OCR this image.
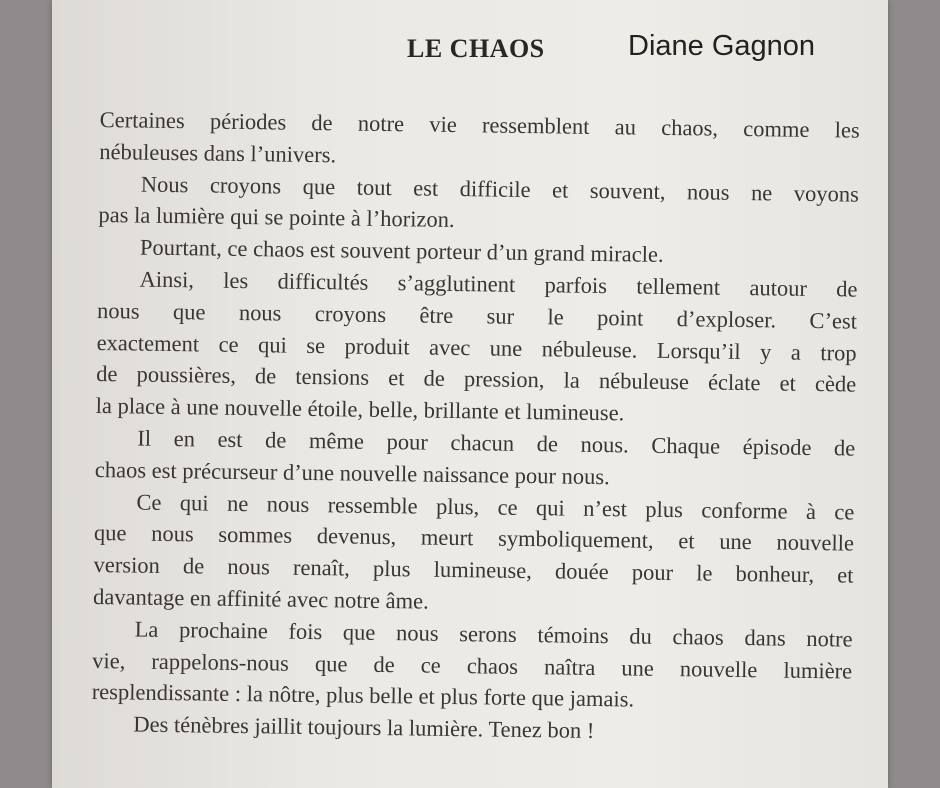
LE CHAOS	Diane Gagnon
Certaines périodes de notre vie ressemblent au chaos, comme les
nébuleuses dans l’univers.
Nous croyons que tout est difficile et souvent, nous ne voyons
pas la lumière qui se pointe à l’horizon.
Pourtant, ce chaos est souvent porteur d’un grand miracle.
Ainsi, les difficultés s’agglutinent parfois tellement autour de
nous que nous croyons être sur le point d’exploser. C’est
exactement ce qui se produit avec une nébuleuse. Lorsqu’il y a trop
de poussières, de tensions et de pression, la nébuleuse éclate et cède
la place à une nouvelle étoile, belle, brillante et lumineuse.
Il en est de même pour chacun de nous. Chaque épisode de
chaos est précurseur d’une nouvelle naissance pour nous.
Ce qui ne nous ressemble plus, ce qui n’est plus conforme à ce
que nous sommes devenus, meurt symboliquement, et une nouvelle
version de nous renaît, plus lumineuse, douée pour le bonheur, et
davantage en affinité avec notre âme.
La prochaine fois que nous serons témoins du chaos dans notre
vie, rappelons-nous que de ce chaos naîtra une nouvelle lumière
resplendissante : la nôtre, plus belle et plus forte que jamais.
Des ténèbres jaillit toujours la lumière. Tenez bon !
